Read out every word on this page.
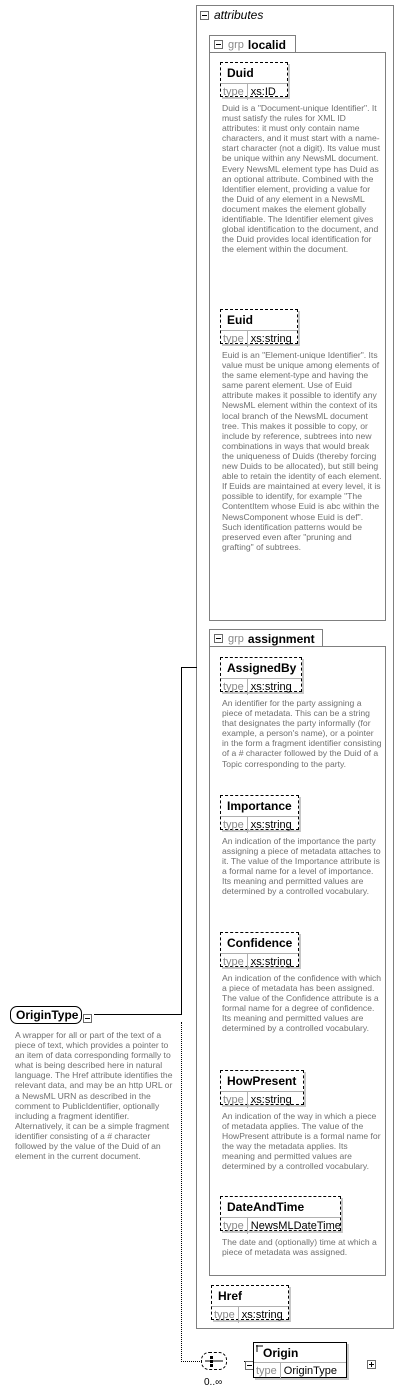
attributes
grp localid
Duid
type xs:ID
Duid is a "Document-unique Identifier". It must satisfy the rules for XML ID attributes: it must only contain name characters, and it must start with a name-start character (not a digit). Its value must be unique within any NewsML document. Every NewsML element type has Duid as an optional attribute. Combined with the Identifier element, providing a value for the Duid of any element in a NewsML document makes the element globally identifiable. The Identifier element gives global identification to the document, and the Duid provides local identification for the element within the document.
Euid
type xs:string
Euid is an "Element-unique Identifier". Its value must be unique among elements of the same element-type and having the same parent element. Use of Euid attribute makes it possible to identify any NewsML element within the context of its local branch of the NewsML document tree. This makes it possible to copy, or include by reference, subtrees into new combinations in ways that would break the uniqueness of Duids (thereby forcing new Duids to be allocated), but still being able to retain the identity of each element. If Euids are maintained at every level, it is possible to identify, for example "The ContentItem whose Euid is abc within the NewsComponent whose Euid is def". Such identification patterns would be preserved even after "pruning and grafting" of subtrees.
grp assignment
AssignedBy
type xs:string
An identifier for the party assigning a piece of metadata. This can be a string that designates the party informally (for example, a person's name), or a pointer in the form a fragment identifier consisting of a # character followed by the Duid of a Topic corresponding to the party.
Importance
type xs:string
An indication of the importance the party assigning a piece of metadata attaches to it. The value of the Importance attribute is a formal name for a level of importance. Its meaning and permitted values are determined by a controlled vocabulary.
Confidence
type xs:string
An indication of the confidence with which a piece of metadata has been assigned. The value of the Confidence attribute is a formal name for a degree of confidence. Its meaning and permitted values are determined by a controlled vocabulary.
HowPresent
type xs:string
An indication of the way in which a piece of metadata applies. The value of the HowPresent attribute is a formal name for the way the metadata applies. Its meaning and permitted values are determined by a controlled vocabulary.
DateAndTime
type NewsMLDateTime
The date and (optionally) time at which a piece of metadata was assigned.
Href
type xs:string
OriginType

A wrapper for all or part of the text of a piece of text, which provides a pointer to an item of data corresponding formally to what is being described here in natural language. The Href attribute identifies the relevant data, and may be an http URL or a NewsML URN as described in the comment to PublicIdentifier, optionally including a fragment identifier. Alternatively, it can be a simple fragment identifier consisting of a # character followed by the value of the Duid of an element in the current document.

0..∞
Origin
type OriginType
